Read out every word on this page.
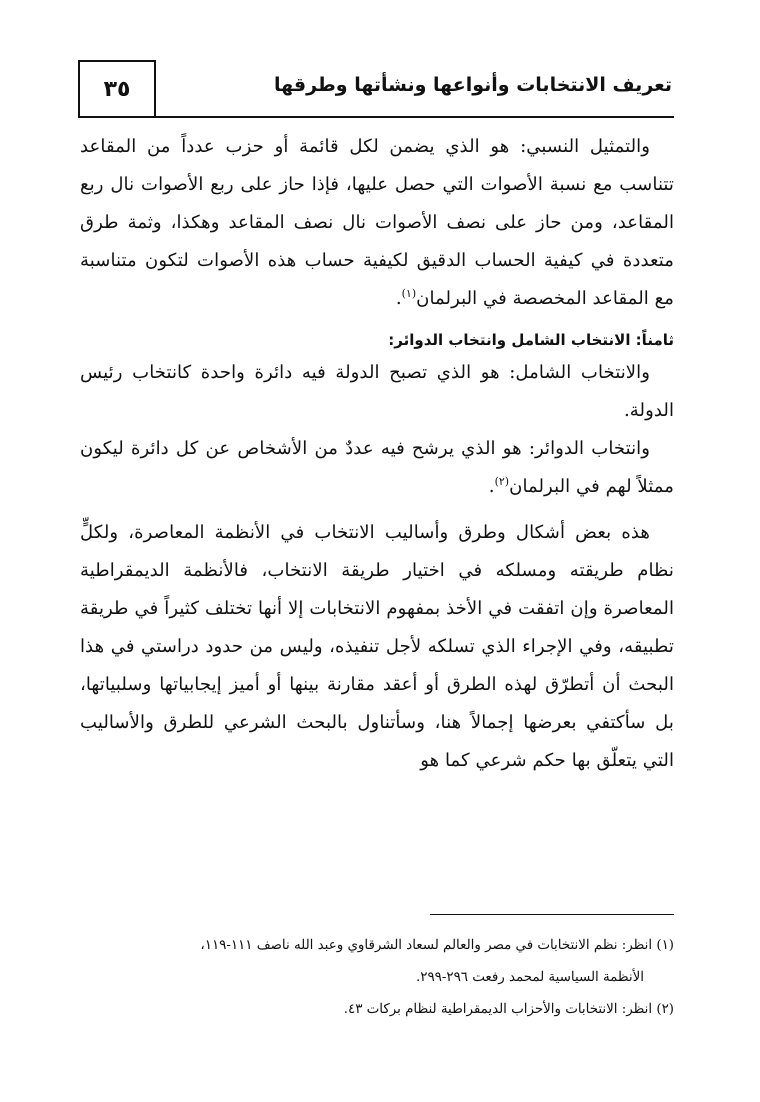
تعريف الانتخابات وأنواعها ونشأتها وطرقها
٣٥

والتمثيل النسبي: هو الذي يضمن لكل قائمة أو حزب عدداً من المقاعد تتناسب مع نسبة الأصوات التي حصل عليها، فإذا حاز على ربع الأصوات نال ربع المقاعد، ومن حاز على نصف الأصوات نال نصف المقاعد وهكذا، وثمة طرق متعددة في كيفية الحساب الدقيق لكيفية حساب هذه الأصوات لتكون متناسبة مع المقاعد المخصصة في البرلمان$^{(١)}$.

ثامناً: الانتخاب الشامل وانتخاب الدوائر:

والانتخاب الشامل: هو الذي تصبح الدولة فيه دائرة واحدة كانتخاب رئيس الدولة.

وانتخاب الدوائر: هو الذي يرشح فيه عددٌ من الأشخاص عن كل دائرة ليكون ممثلاً لهم في البرلمان$^{(٢)}$.

هذه بعض أشكال وطرق وأساليب الانتخاب في الأنظمة المعاصرة، ولكلٍّ نظام طريقته ومسلكه في اختيار طريقة الانتخاب، فالأنظمة الديمقراطية المعاصرة وإن اتفقت في الأخذ بمفهوم الانتخابات إلا أنها تختلف كثيراً في طريقة تطبيقه، وفي الإجراء الذي تسلكه لأجل تنفيذه، وليس من حدود دراستي في هذا البحث أن أتطرّق لهذه الطرق أو أعقد مقارنة بينها أو أميز إيجابياتها وسلبياتها، بل سأكتفي بعرضها إجمالاً هنا، وسأتناول بالبحث الشرعي للطرق والأساليب التي يتعلّق بها حكم شرعي كما هو

(١) انظر: نظم الانتخابات في مصر والعالم لسعاد الشرقاوي وعبد الله ناصف ١١١-١١٩،

الأنظمة السياسية لمحمد رفعت ٢٩٦-٢٩٩.

(٢) انظر: الانتخابات والأحزاب الديمقراطية لنظام بركات ٤٣.
